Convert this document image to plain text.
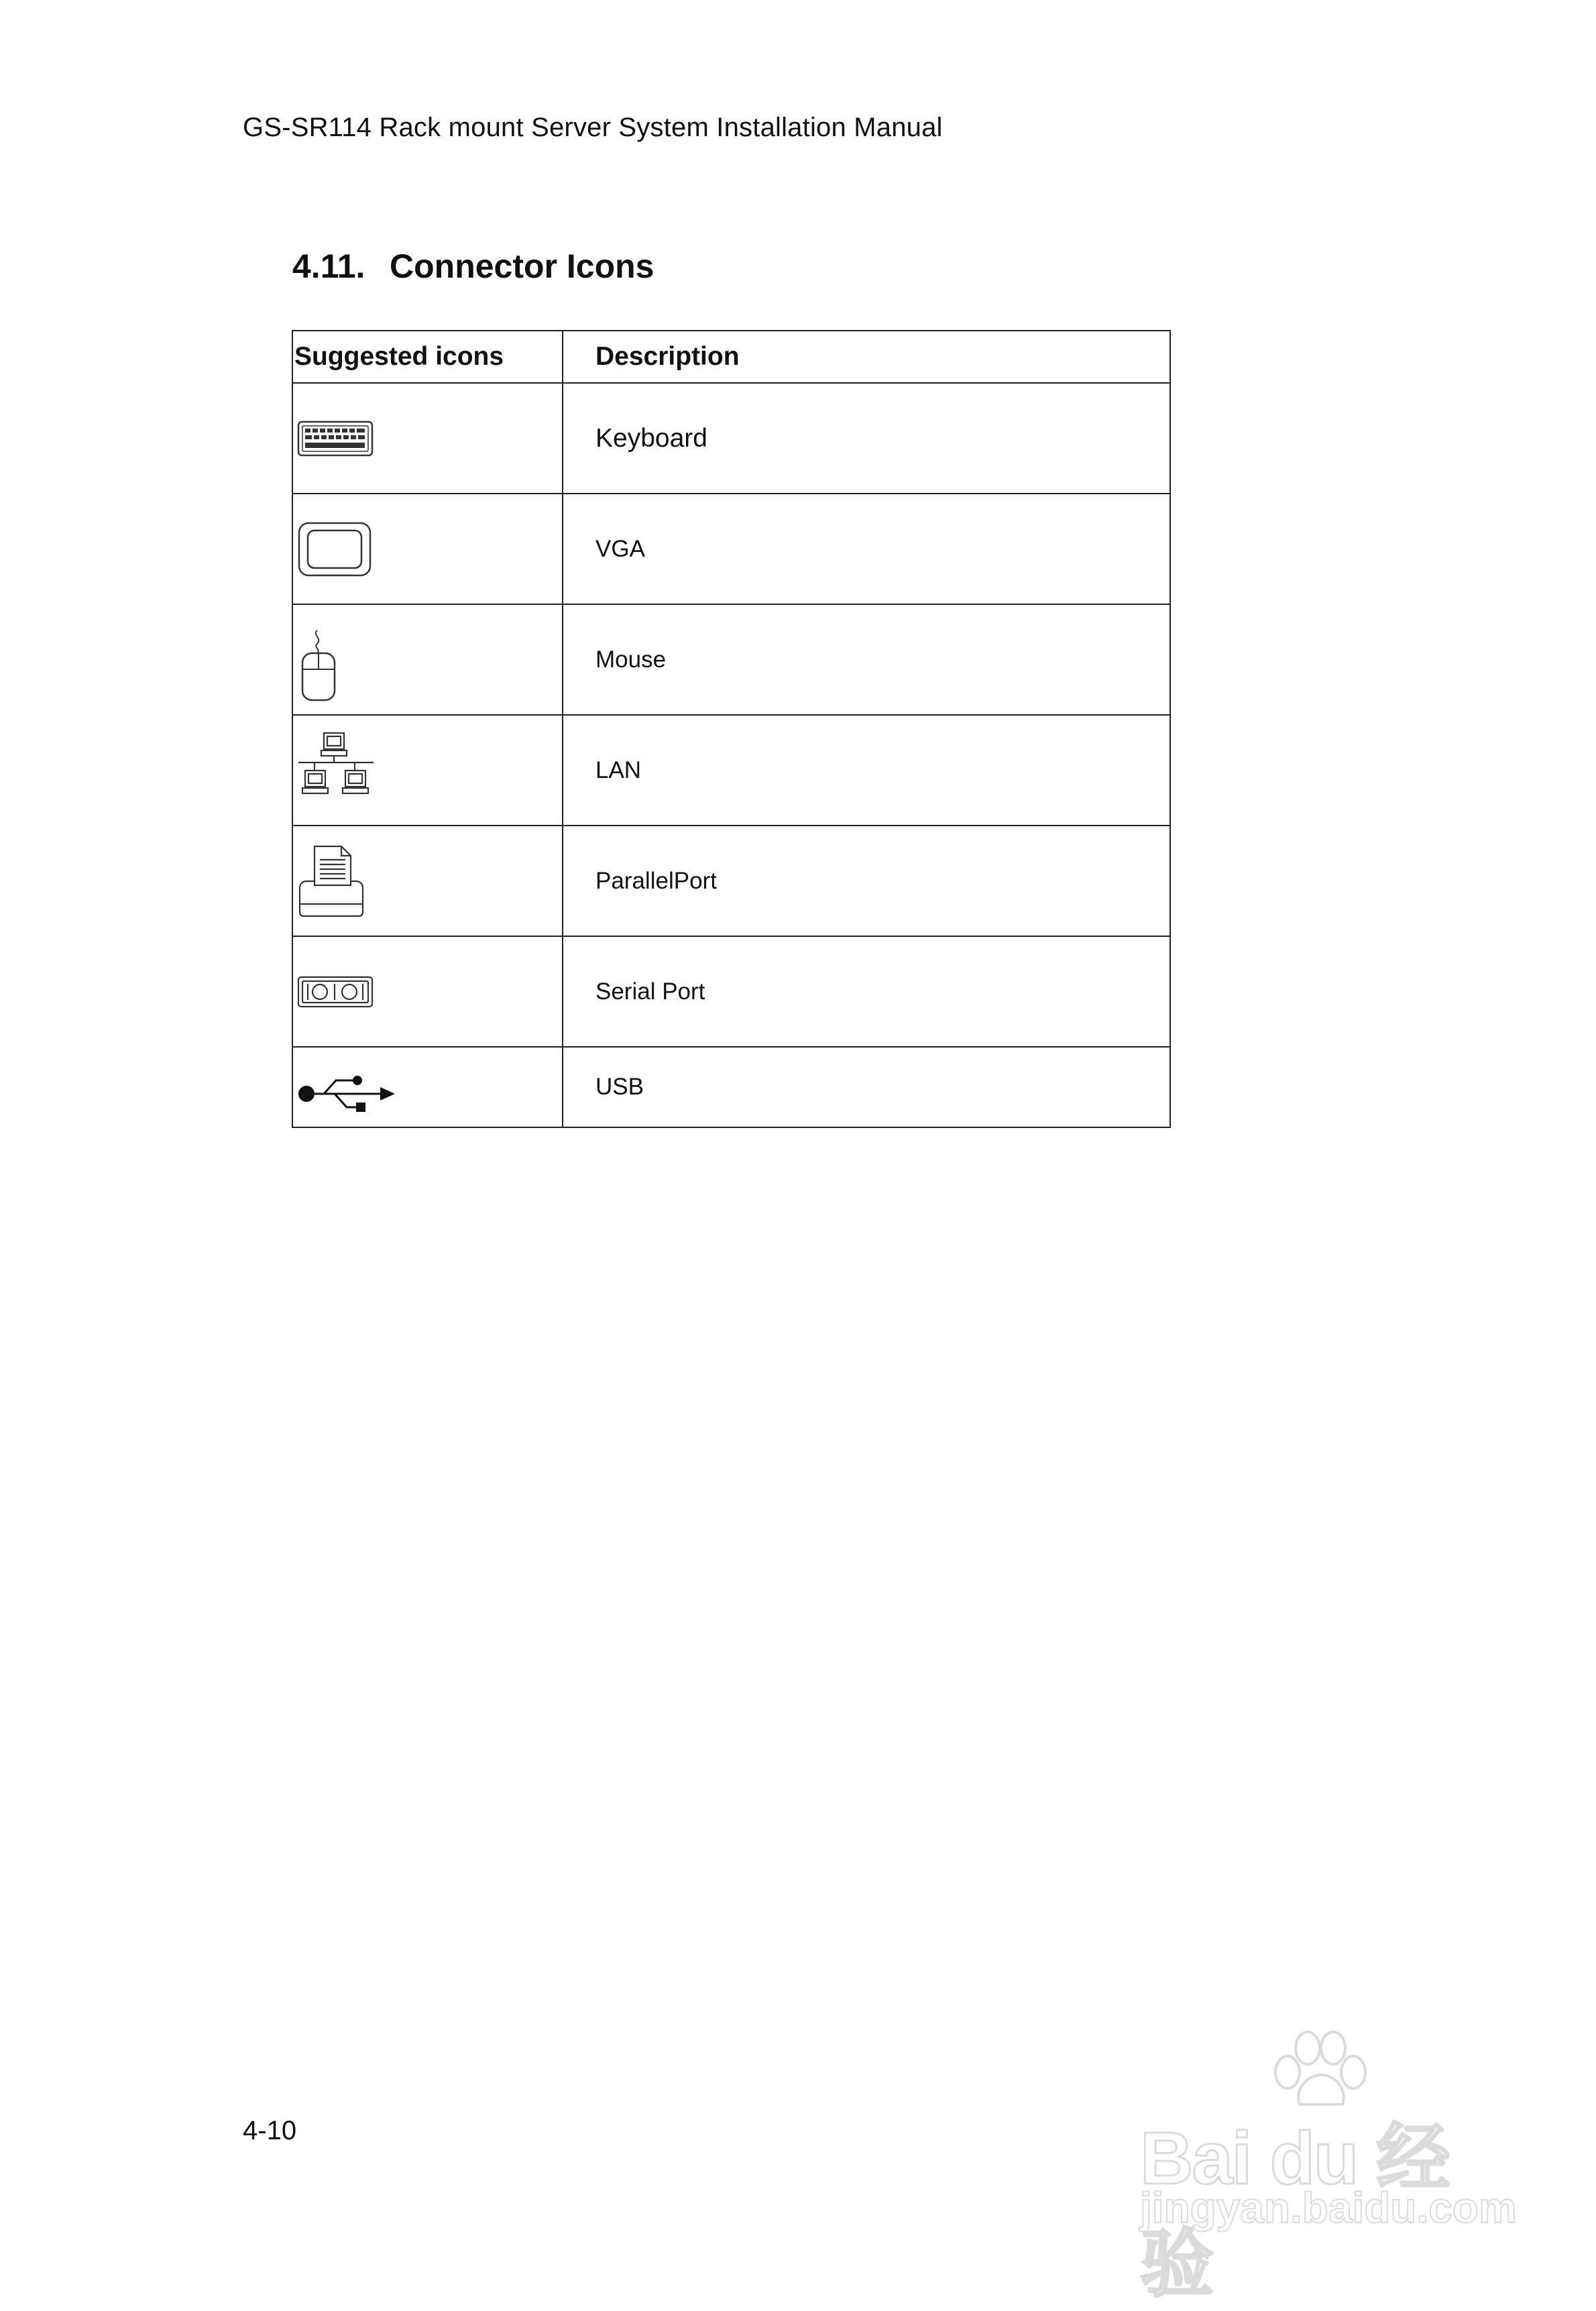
GS-SR114 Rack mount Server System Installation Manual
4.11. Connector Icons
Suggested icons	Description

	Keyboard

	VGA

	Mouse

	LAN

	ParallelPort

	Serial Port

	USB
4-10	Bai du 经验
jingyan.baidu.com
